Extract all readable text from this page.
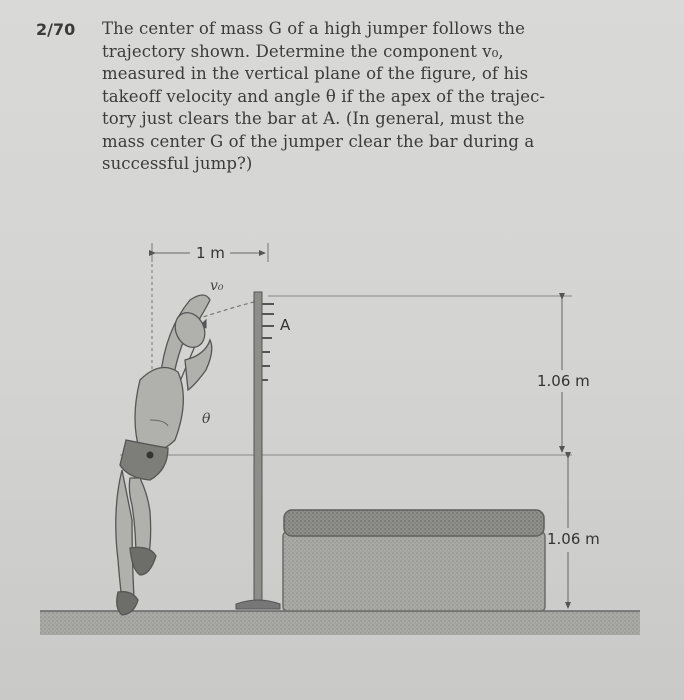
2/70 The center of mass G of a high jumper follows the
trajectory shown. Determine the component v₀,
measured in the vertical plane of the figure, of his
takeoff velocity and angle θ if the apex of the trajec-
tory just clears the bar at A. (In general, must the
mass center G of the jumper clear the bar during a
successful jump?)
1 m
v₀
A
θ
1.06 m
1.06 m
